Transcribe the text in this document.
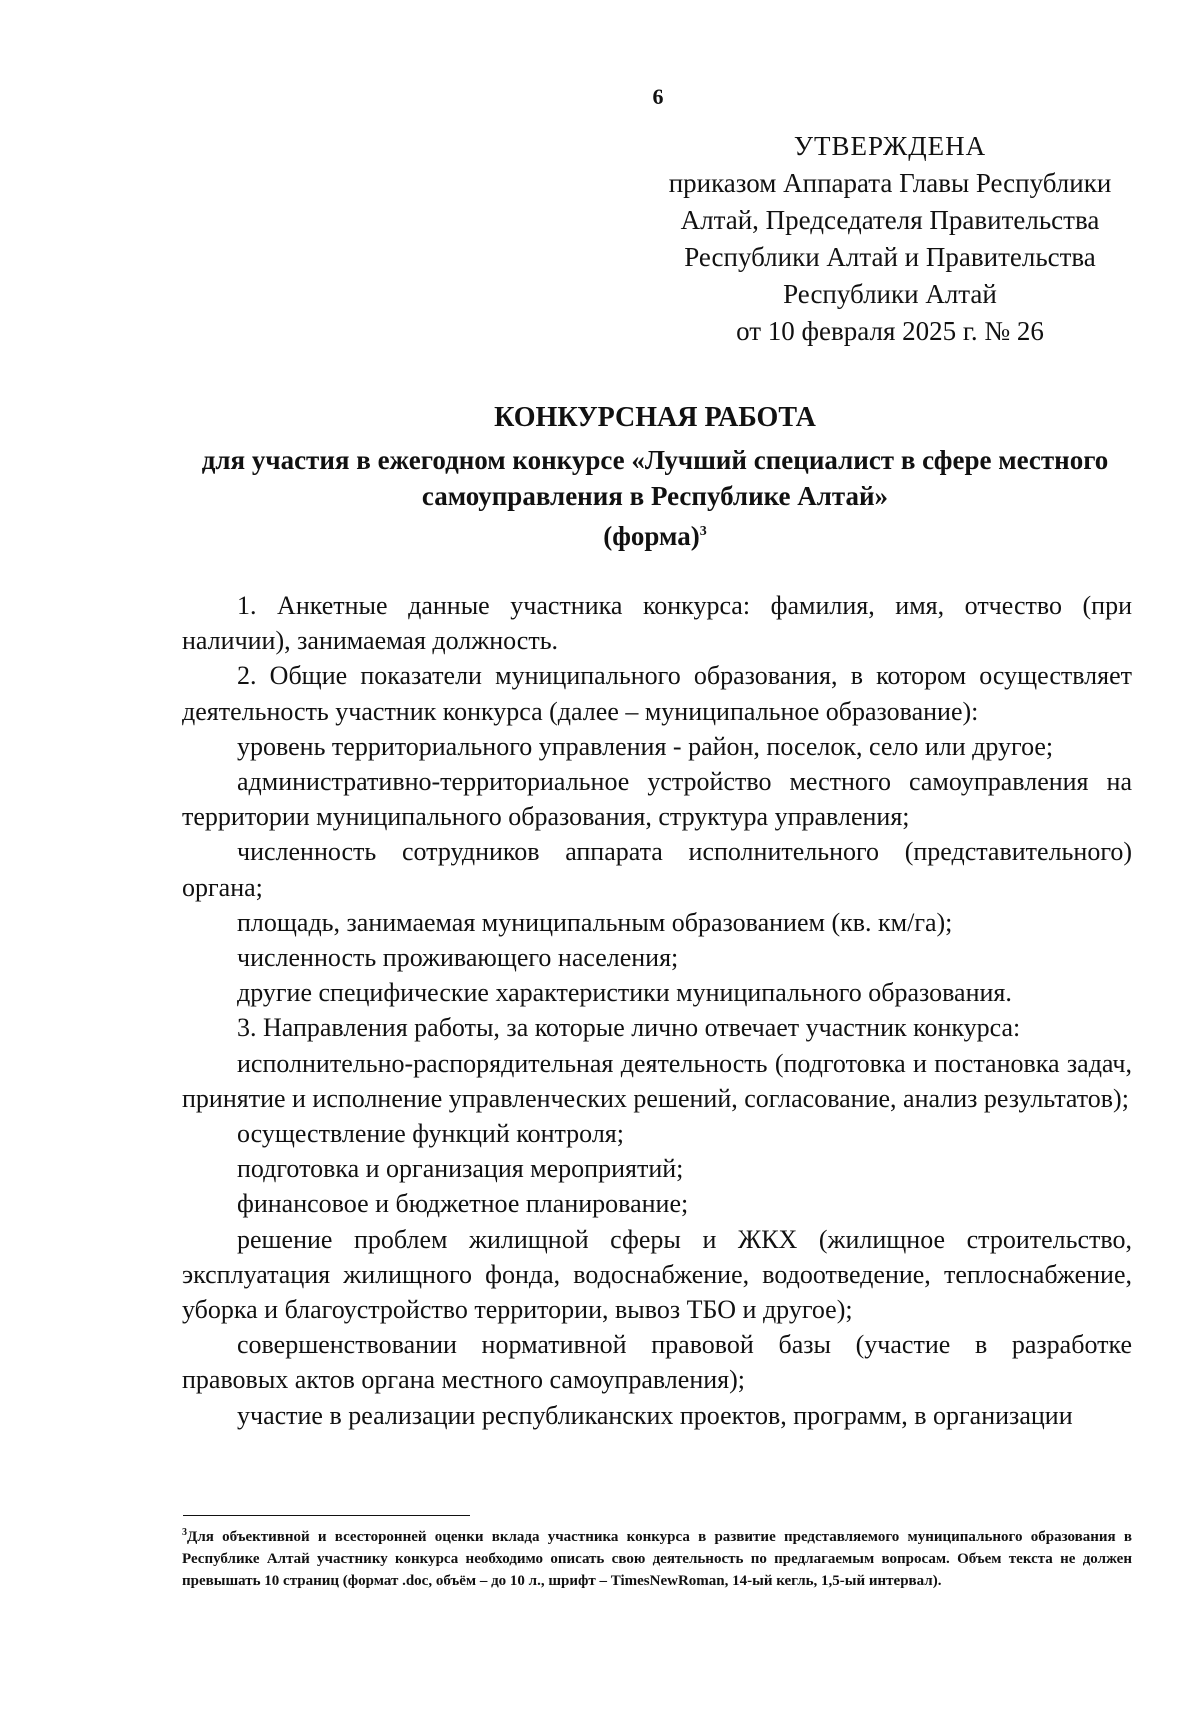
6
УТВЕРЖДЕНА
приказом Аппарата Главы Республики
Алтай, Председателя Правительства
Республики Алтай и Правительства
Республики Алтай
от 10 февраля 2025 г. № 26
КОНКУРСНАЯ РАБОТА
для участия в ежегодном конкурсе «Лучший специалист в сфере местного самоуправления в Республике Алтай»
(форма)$^3$

1. Анкетные данные участника конкурса: фамилия, имя, отчество (при наличии), занимаемая должность.

2. Общие показатели муниципального образования, в котором осуществляет деятельность участник конкурса (далее – муниципальное образование):

уровень территориального управления - район, поселок, село или другое;

административно-территориальное устройство местного самоуправления на территории муниципального образования, структура управления;

численность сотрудников аппарата исполнительного (представительного) органа;

площадь, занимаемая муниципальным образованием (кв. км/га);

численность проживающего населения;

другие специфические характеристики муниципального образования.

3. Направления работы, за которые лично отвечает участник конкурса:

исполнительно-распорядительная деятельность (подготовка и постановка задач, принятие и исполнение управленческих решений, согласование, анализ результатов);

осуществление функций контроля;

подготовка и организация мероприятий;

финансовое и бюджетное планирование;

решение проблем жилищной сферы и ЖКХ (жилищное строительство, эксплуатация жилищного фонда, водоснабжение, водоотведение, теплоснабжение, уборка и благоустройство территории, вывоз ТБО и другое);

совершенствовании нормативной правовой базы (участие в разработке правовых актов органа местного самоуправления);

участие в реализации республиканских проектов, программ, в организации

$^3$Для объективной и всесторонней оценки вклада участника конкурса в развитие представляемого муниципального образования в Республике Алтай участнику конкурса необходимо описать свою деятельность по предлагаемым вопросам. Объем текста не должен превышать 10 страниц (формат .doc, объём – до 10 л., шрифт – TimesNewRoman, 14-ый кегль, 1,5-ый интервал).
